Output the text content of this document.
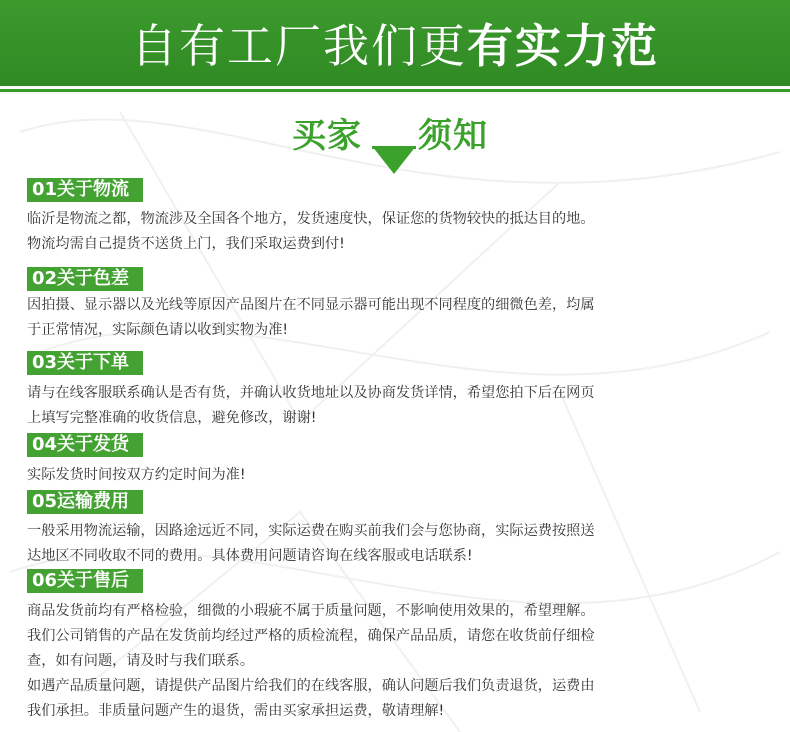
自有工厂我们更有实力范
买家 须知
01关于物流
临沂是物流之都，物流涉及全国各个地方，发货速度快，保证您的货物较快的抵达目的地。
物流均需自己提货不送货上门，我们采取运费到付!
02关于色差
因拍摄、显示器以及光线等原因产品图片在不同显示器可能出现不同程度的细微色差，均属
于正常情况，实际颜色请以收到实物为准!
03关于下单
请与在线客服联系确认是否有货，并确认收货地址以及协商发货详情，希望您拍下后在网页
上填写完整准确的收货信息，避免修改，谢谢!
04关于发货
实际发货时间按双方约定时间为准!
05运输费用
一般采用物流运输，因路途远近不同，实际运费在购买前我们会与您协商，实际运费按照送
达地区不同收取不同的费用。具体费用问题请咨询在线客服或电话联系!
06关于售后
商品发货前均有严格检验，细微的小瑕疵不属于质量问题，不影响使用效果的，希望理解。
我们公司销售的产品在发货前均经过严格的质检流程，确保产品品质，请您在收货前仔细检
查，如有问题，请及时与我们联系。
如遇产品质量问题，请提供产品图片给我们的在线客服，确认问题后我们负责退货，运费由
我们承担。非质量问题产生的退货，需由买家承担运费，敬请理解!
